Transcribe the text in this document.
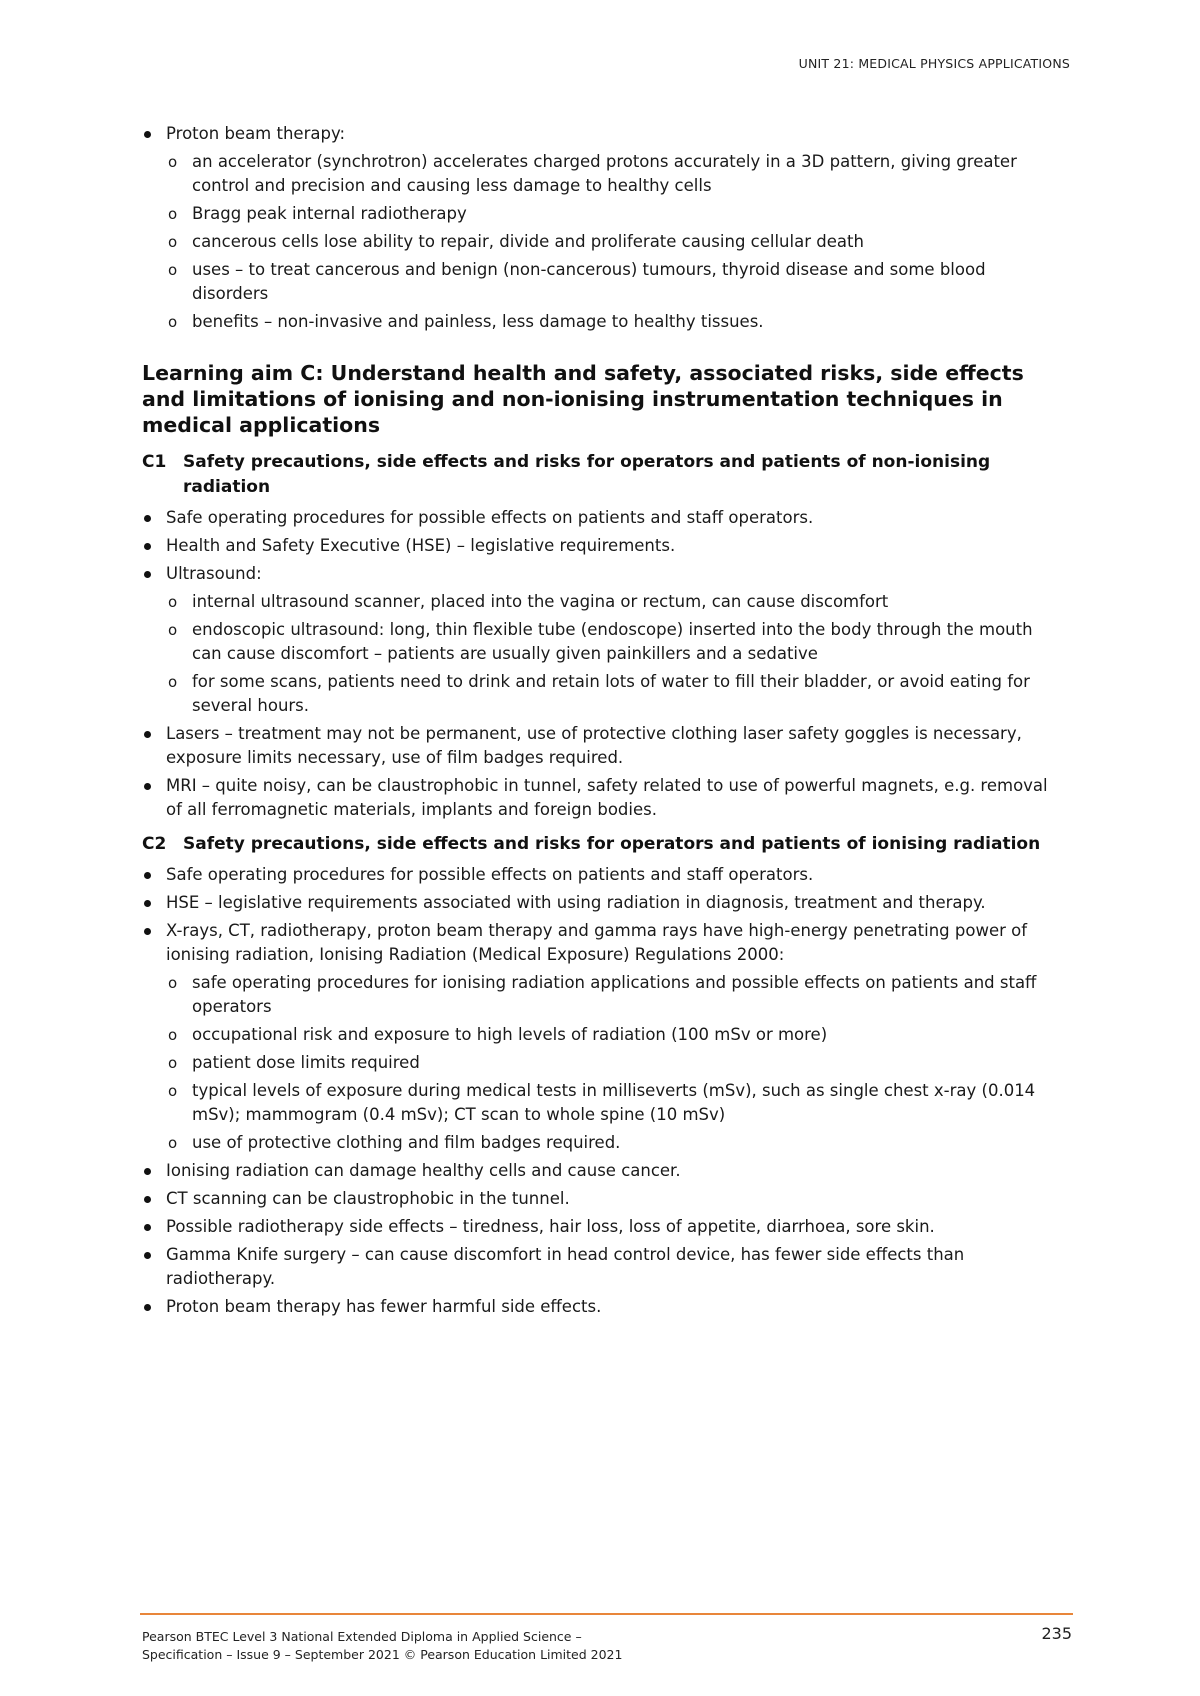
UNIT 21: MEDICAL PHYSICS APPLICATIONS
Proton beam therapy:
o an accelerator (synchrotron) accelerates charged protons accurately in a 3D pattern, giving greater control and precision and causing less damage to healthy cells
o Bragg peak internal radiotherapy
o cancerous cells lose ability to repair, divide and proliferate causing cellular death
o uses – to treat cancerous and benign (non-cancerous) tumours, thyroid disease and some blood disorders
o benefits – non-invasive and painless, less damage to healthy tissues.
Learning aim C: Understand health and safety, associated risks, side effects and limitations of ionising and non-ionising instrumentation techniques in medical applications
C1 Safety precautions, side effects and risks for operators and patients of non-ionising radiation
Safe operating procedures for possible effects on patients and staff operators.
Health and Safety Executive (HSE) – legislative requirements.
Ultrasound:
o internal ultrasound scanner, placed into the vagina or rectum, can cause discomfort
o endoscopic ultrasound: long, thin flexible tube (endoscope) inserted into the body through the mouth can cause discomfort – patients are usually given painkillers and a sedative
o for some scans, patients need to drink and retain lots of water to fill their bladder, or avoid eating for several hours.
Lasers – treatment may not be permanent, use of protective clothing laser safety goggles is necessary, exposure limits necessary, use of film badges required.
MRI – quite noisy, can be claustrophobic in tunnel, safety related to use of powerful magnets, e.g. removal of all ferromagnetic materials, implants and foreign bodies.
C2 Safety precautions, side effects and risks for operators and patients of ionising radiation
Safe operating procedures for possible effects on patients and staff operators.
HSE – legislative requirements associated with using radiation in diagnosis, treatment and therapy.
X-rays, CT, radiotherapy, proton beam therapy and gamma rays have high-energy penetrating power of ionising radiation, Ionising Radiation (Medical Exposure) Regulations 2000:
o safe operating procedures for ionising radiation applications and possible effects on patients and staff operators
o occupational risk and exposure to high levels of radiation (100 mSv or more)
o patient dose limits required
o typical levels of exposure during medical tests in milliseverts (mSv), such as single chest x-ray (0.014 mSv); mammogram (0.4 mSv); CT scan to whole spine (10 mSv)
o use of protective clothing and film badges required.
Ionising radiation can damage healthy cells and cause cancer.
CT scanning can be claustrophobic in the tunnel.
Possible radiotherapy side effects – tiredness, hair loss, loss of appetite, diarrhoea, sore skin.
Gamma Knife surgery – can cause discomfort in head control device, has fewer side effects than radiotherapy.
Proton beam therapy has fewer harmful side effects.
Pearson BTEC Level 3 National Extended Diploma in Applied Science –
Specification – Issue 9 – September 2021 © Pearson Education Limited 2021
235
